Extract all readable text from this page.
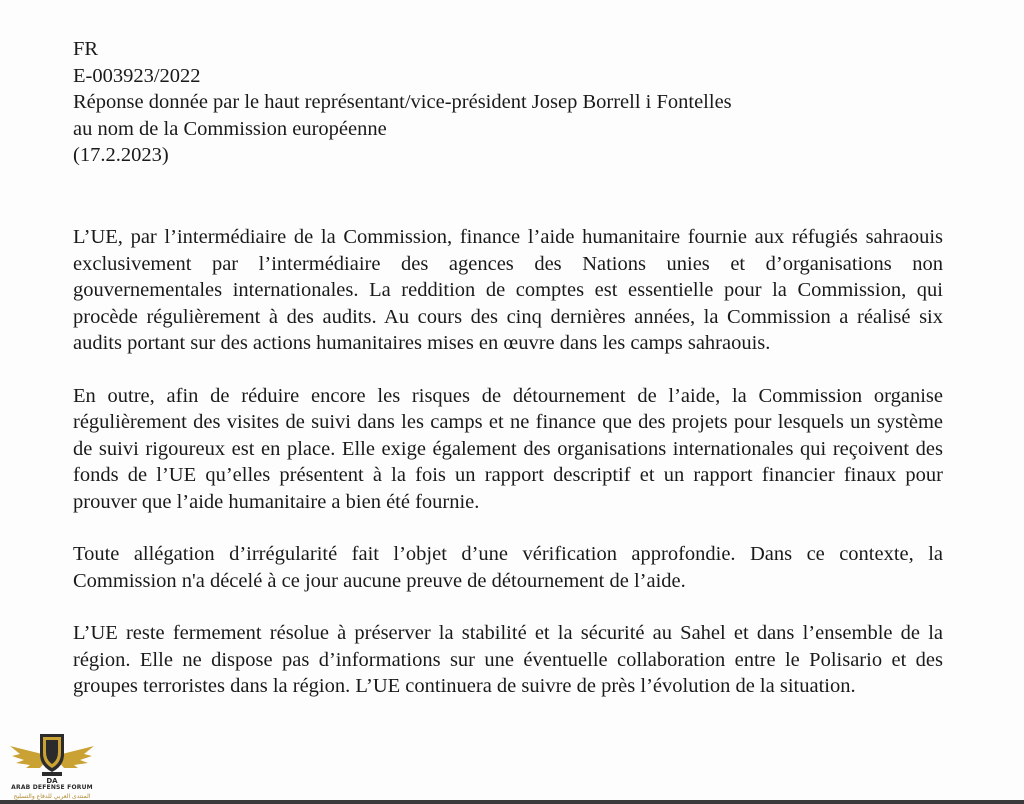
FR
E-003923/2022
Réponse donnée par le haut représentant/vice-président Josep Borrell i Fontelles
au nom de la Commission européenne
(17.2.2023)

L’UE, par l’intermédiaire de la Commission, finance l’aide humanitaire fournie aux réfugiés sahraouis exclusivement par l’intermédiaire des agences des Nations unies et d’organisations non gouvernementales internationales. La reddition de comptes est essentielle pour la Commission, qui procède régulièrement à des audits. Au cours des cinq dernières années, la Commission a réalisé six audits portant sur des actions humanitaires mises en œuvre dans les camps sahraouis.

En outre, afin de réduire encore les risques de détournement de l’aide, la Commission organise régulièrement des visites de suivi dans les camps et ne finance que des projets pour lesquels un système de suivi rigoureux est en place. Elle exige également des organisations internationales qui reçoivent des fonds de l’UE qu’elles présentent à la fois un rapport descriptif et un rapport financier finaux pour prouver que l’aide humanitaire a bien été fournie.

Toute allégation d’irrégularité fait l’objet d’une vérification approfondie. Dans ce contexte, la Commission n'a décelé à ce jour aucune preuve de détournement de l’aide.

L’UE reste fermement résolue à préserver la stabilité et la sécurité au Sahel et dans l’ensemble de la région. Elle ne dispose pas d’informations sur une éventuelle collaboration entre le Polisario et des groupes terroristes dans la région. L’UE continuera de suivre de près l’évolution de la situation.

DA
ARAB DEFENSE FORUM
المنتدى العربي للدفاع والتسليح
